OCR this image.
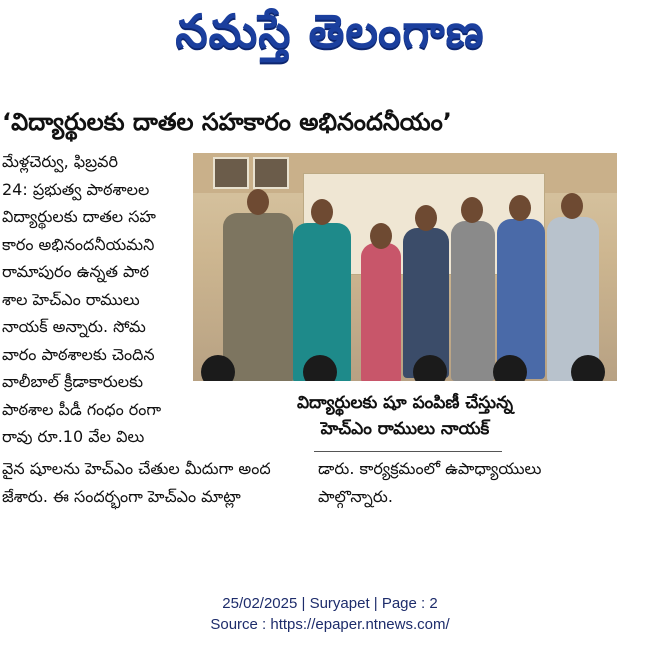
నమస్తే తెలంగాణ
‘విద్యార్థులకు దాతల సహకారం అభినందనీయం’

మేళ్లచెర్వు, ఫిబ్రవరి

24: ప్రభుత్వ పాఠశాలల

విద్యార్థులకు దాతల సహ

కారం అభినందనీయమని

రామాపురం ఉన్నత పాఠ

శాల హెచ్ఎం రాములు

నాయక్ అన్నారు. సోమ

వారం పాఠశాలకు చెందిన

వాలీబాల్ క్రీడాకారులకు

పాఠశాల పీడీ గంధం రంగా

రావు రూ.10 వేల విలు

విద్యార్థులకు షూ పంపిణీ చేస్తున్న
హెచ్ఎం రాములు నాయక్

వైన షూలను హెచ్ఎం చేతుల మీదుగా అంద

జేశారు. ఈ సందర్భంగా హెచ్ఎం మాట్లా

డారు. కార్యక్రమంలో ఉపాధ్యాయులు

పాల్గొన్నారు.

25/02/2025 | Suryapet | Page : 2
Source : https://epaper.ntnews.com/
